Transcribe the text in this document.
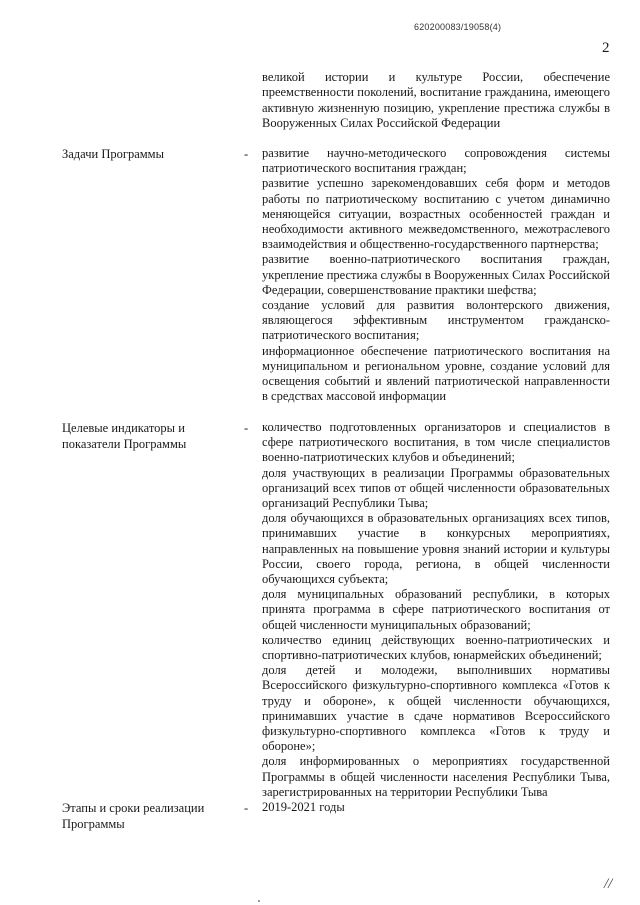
620200083/19058(4)
2
великой истории и культуре России, обеспечение преемственности поколений, воспитание гражданина, имеющего активную жизненную позицию, укрепление престижа службы в Вооруженных Силах Российской Федерации
Задачи Программы	- развитие научно-методического сопровождения системы патриотического воспитания граждан;

развитие успешно зарекомендовавших себя форм и методов работы по патриотическому воспитанию с учетом динамично меняющейся ситуации, возрастных особенностей граждан и необходимости активного межведомственного, межотраслевого взаимодействия и общественно-государственного партнерства;

развитие военно-патриотического воспитания граждан, укрепление престижа службы в Вооруженных Силах Российской Федерации, совершенствование практики шефства;

создание условий для развития волонтерского движения, являющегося эффективным инструментом гражданско-патриотического воспитания;

информационное обеспечение патриотического воспитания на муниципальном и региональном уровне, создание условий для освещения событий и явлений патриотической направленности в средствах массовой информации

Целевые индикаторы и показатели Программы
- количество подготовленных организаторов и специалистов в сфере патриотического воспитания, в том числе специалистов военно-патриотических клубов и объединений;

доля участвующих в реализации Программы образовательных организаций всех типов от общей численности образовательных организаций Республики Тыва;

доля обучающихся в образовательных организациях всех типов, принимавших участие в конкурсных мероприятиях, направленных на повышение уровня знаний истории и культуры России, своего города, региона, в общей численности обучающихся субъекта;

доля муниципальных образований республики, в которых принята программа в сфере патриотического воспитания от общей численности муниципальных образований;

количество единиц действующих военно-патриотических и спортивно-патриотических клубов, юнармейских объединений;

доля детей и молодежи, выполнивших нормативы Всероссийского физкультурно-спортивного комплекса «Готов к труду и обороне», к общей численности обучающихся, принимавших участие в сдаче нормативов Всероссийского физкультурно-спортивного комплекса «Готов к труду и обороне»;

доля информированных о мероприятиях государственной Программы в общей численности населения Республики Тыва, зарегистрированных на территории Республики Тыва

Этапы и сроки реализации Программы
- 2019-2021 годы

//
